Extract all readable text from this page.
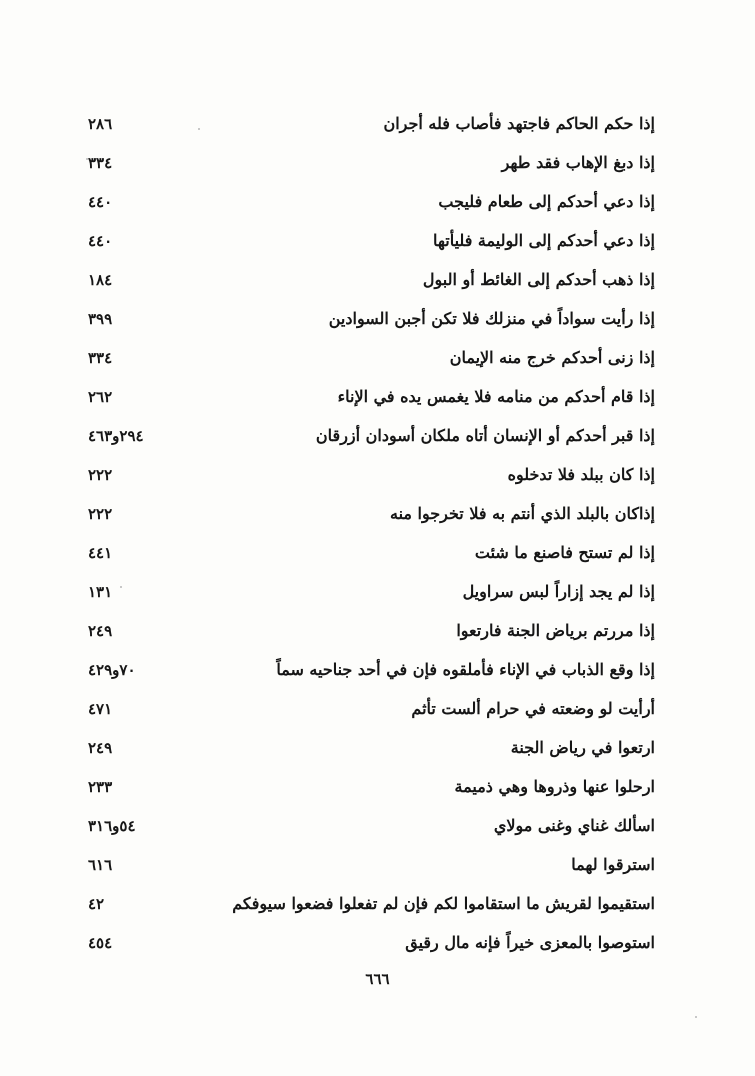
إذا حكم الحاكم فاجتهد فأصاب فله أجران
٢٨٦
إذا دبغ الإهاب فقد طهر
٣٣٤
إذا دعي أحدكم إلى طعام فليجب
٤٤٠
إذا دعي أحدكم إلى الوليمة فليأتها
٤٤٠
إذا ذهب أحدكم إلى الغائط أو البول
١٨٤
إذا رأيت سواداً في منزلك فلا تكن أجبن السوادين
٣٩٩
إذا زنى أحدكم خرج منه الإيمان
٣٣٤
إذا قام أحدكم من منامه فلا يغمس يده في الإناء
٢٦٢
إذا قبر أحدكم أو الإنسان أتاه ملكان أسودان أزرقان
٢٩٤و٤٦٣
إذا كان ببلد فلا تدخلوه
٢٢٢
إذاكان بالبلد الذي أنتم به فلا تخرجوا منه
٢٢٢
إذا لم تستح فاصنع ما شئت
٤٤١
إذا لم يجد إزاراً لبس سراويل
١٣١
إذا مررتم برياض الجنة فارتعوا
٢٤٩
إذا وقع الذباب في الإناء فأملقوه فإن في أحد جناحيه سماً
٧٠و٤٢٩
أرأيت لو وضعته في حرام ألست تأثم
٤٧١
ارتعوا في رياض الجنة
٢٤٩
ارحلوا عنها وذروها وهي ذميمة
٢٣٣
اسألك غناي وغنى مولاي
٥٤و٣١٦
استرقوا لهما
٦١٦
استقيموا لقريش ما استقاموا لكم فإن لم تفعلوا فضعوا سيوفكم
٤٢
استوصوا بالمعزى خيراً فإنه مال رقيق
٤٥٤
٦٦٦
